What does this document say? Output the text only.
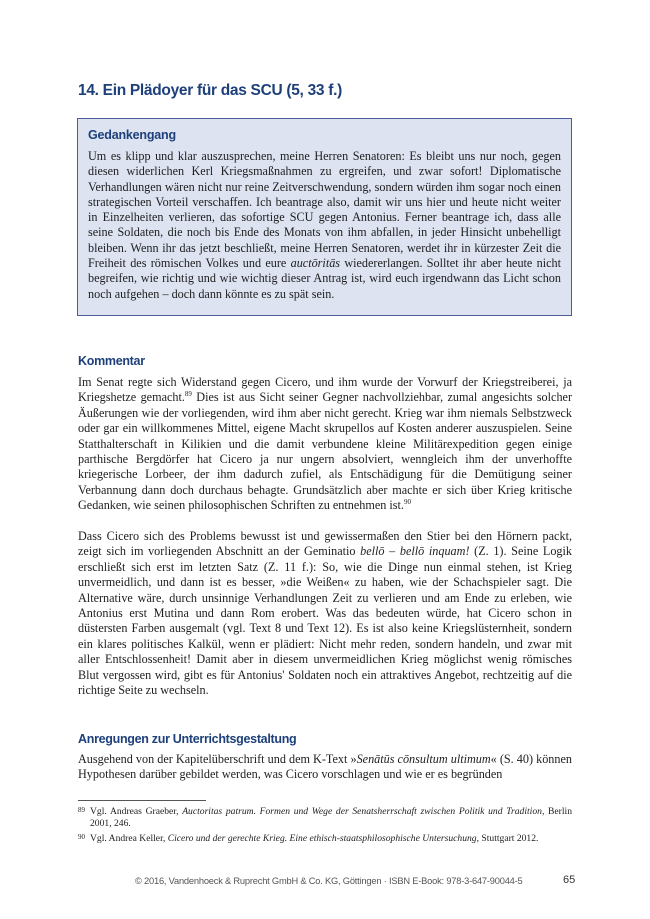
14. Ein Plädoyer für das SCU (5, 33 f.)
Gedankengang

Um es klipp und klar auszusprechen, meine Herren Senatoren: Es bleibt uns nur noch, gegen diesen widerlichen Kerl Kriegsmaßnahmen zu ergreifen, und zwar sofort! Diplomatische Verhandlungen wären nicht nur reine Zeitverschwendung, sondern würden ihm sogar noch einen strategischen Vorteil verschaffen. Ich beantrage also, damit wir uns hier und heute nicht weiter in Einzelheiten verlieren, das sofortige SCU gegen Antonius. Ferner beantrage ich, dass alle seine Soldaten, die noch bis Ende des Monats von ihm abfallen, in jeder Hinsicht unbehelligt bleiben. Wenn ihr das jetzt beschließt, meine Herren Senatoren, werdet ihr in kürzester Zeit die Freiheit des römischen Volkes und eure auctōritās wiedererlangen. Solltet ihr aber heute nicht begreifen, wie richtig und wie wichtig dieser Antrag ist, wird euch irgendwann das Licht schon noch aufgehen – doch dann könnte es zu spät sein.

Kommentar

Im Senat regte sich Widerstand gegen Cicero, und ihm wurde der Vorwurf der Kriegstreiberei, ja Kriegshetze gemacht.$^{89}$ Dies ist aus Sicht seiner Gegner nachvollziehbar, zumal angesichts solcher Äußerungen wie der vorliegenden, wird ihm aber nicht gerecht. Krieg war ihm niemals Selbstzweck oder gar ein willkommenes Mittel, eigene Macht skrupellos auf Kosten anderer auszuspielen. Seine Statthalterschaft in Kilikien und die damit verbundene kleine Militärexpedition gegen einige parthische Bergdörfer hat Cicero ja nur ungern absolviert, wenngleich ihm der unverhoffte kriegerische Lorbeer, der ihm dadurch zufiel, als Entschädigung für die Demütigung seiner Verbannung dann doch durchaus behagte. Grundsätzlich aber machte er sich über Krieg kritische Gedanken, wie seinen philosophischen Schriften zu entnehmen ist.$^{90}$

Dass Cicero sich des Problems bewusst ist und gewissermaßen den Stier bei den Hörnern packt, zeigt sich im vorliegenden Abschnitt an der Geminatio bellō – bellō inquam! (Z. 1). Seine Logik erschließt sich erst im letzten Satz (Z. 11 f.): So, wie die Dinge nun einmal stehen, ist Krieg unvermeidlich, und dann ist es besser, »die Weißen« zu haben, wie der Schachspieler sagt. Die Alternative wäre, durch unsinnige Verhandlungen Zeit zu verlieren und am Ende zu erleben, wie Antonius erst Mutina und dann Rom erobert. Was das bedeuten würde, hat Cicero schon in düstersten Farben ausgemalt (vgl. Text 8 und Text 12). Es ist also keine Kriegslüsternheit, sondern ein klares politisches Kalkül, wenn er plädiert: Nicht mehr reden, sondern handeln, und zwar mit aller Entschlossenheit! Damit aber in diesem unvermeidlichen Krieg möglichst wenig römisches Blut vergossen wird, gibt es für Antonius' Soldaten noch ein attraktives Angebot, rechtzeitig auf die richtige Seite zu wechseln.

Anregungen zur Unterrichtsgestaltung

Ausgehend von der Kapitelüberschrift und dem K-Text »Senātūs cōnsultum ultimum« (S. 40) können Hypothesen darüber gebildet werden, was Cicero vorschlagen und wie er es begründen

89 Vgl. Andreas Graeber, Auctoritas patrum. Formen und Wege der Senatsherrschaft zwischen Politik und Tradition, Berlin 2001, 246.

90 Vgl. Andrea Keller, Cicero und der gerechte Krieg. Eine ethisch-staatsphilosophische Untersuchung, Stuttgart 2012.

© 2016, Vandenhoeck & Ruprecht GmbH & Co. KG, Göttingen · ISBN E-Book: 978-3-647-90044-5	65
